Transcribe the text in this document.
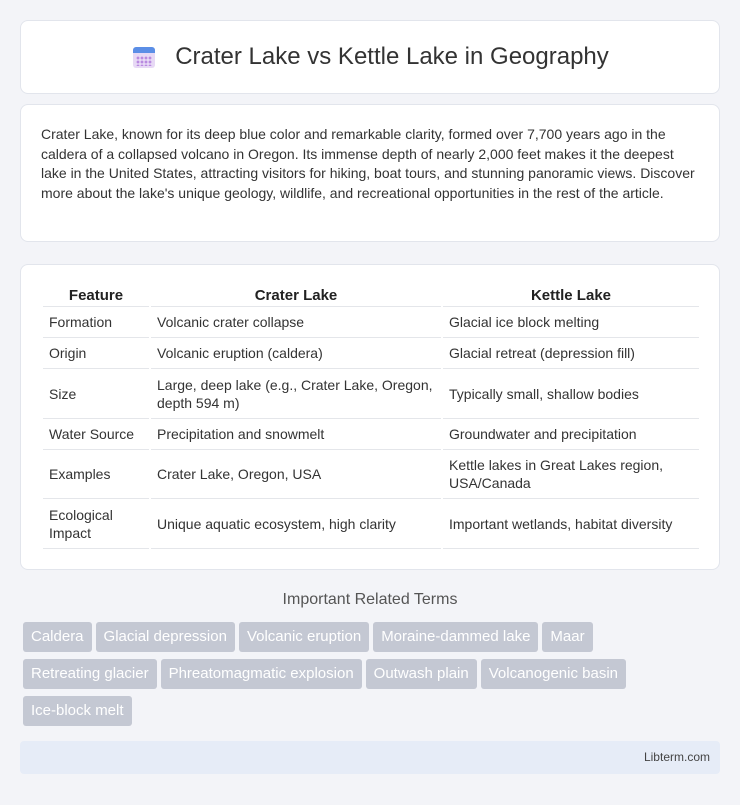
Crater Lake vs Kettle Lake in Geography

Crater Lake, known for its deep blue color and remarkable clarity, formed over 7,700 years ago in the caldera of a collapsed volcano in Oregon. Its immense depth of nearly 2,000 feet makes it the deepest lake in the United States, attracting visitors for hiking, boat tours, and stunning panoramic views. Discover more about the lake's unique geology, wildlife, and recreational opportunities in the rest of the article.

Feature	Crater Lake	Kettle Lake
Formation	Volcanic crater collapse	Glacial ice block melting
Origin	Volcanic eruption (caldera)	Glacial retreat (depression fill)
Size	Large, deep lake (e.g., Crater Lake, Oregon, depth 594 m)	Typically small, shallow bodies
Water Source	Precipitation and snowmelt	Groundwater and precipitation
Examples	Crater Lake, Oregon, USA	Kettle lakes in Great Lakes region, USA/Canada
Ecological Impact	Unique aquatic ecosystem, high clarity	Important wetlands, habitat diversity
Important Related Terms
Caldera Glacial depression Volcanic eruption Moraine-dammed lake Maar
Retreating glacier Phreatomagmatic explosion Outwash plain Volcanogenic basin
Ice-block melt
Libterm.com
